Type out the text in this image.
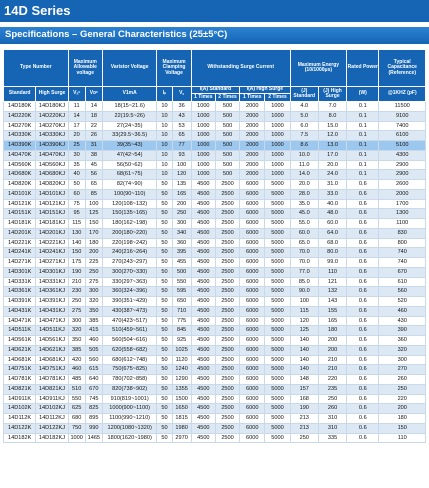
14D Series
Specifications – General Characteristics (25±5°C)
Type Number		Maximum Allowable voltage		Varistor Voltage	Maximum Clamping Voltage		Withstanding Surge Current				Maximum Energy (10/1000μs)		Rated Power	Typical Capacitance (Reference)
Standard	High Surge	Vₐᶜ	Vᴅᶜ	V1mA	Iₚ	V꜀	I(A) Standard		I(A) High Surge		(J) Standard	(J) High Surge	(W)	@1KHZ (pF)
							1 Times	2 Times	1 Times	2 Times				
14D180K	14D180KJ	11	14	18(15~21.6)	10	36	1000	500	2000	1000	4.0	7.0	0.1	11500
14D220K	14D220KJ	14	18	22(19.5~26)	10	43	1000	500	2000	1000	5.0	8.0	0.1	9100
14D270K	14D270KJ	17	22	27(24~35)	10	53	1000	500	2000	1000	6.0	15.0	0.1	7400
14D330K	14D330KJ	20	26	33(29.5~36.5)	10	65	1000	500	2000	1000	7.5	12.0	0.1	6100
14D390K	14D390KJ	25	31	39(35~43)	10	77	1000	500	2000	1000	8.6	13.0	0.1	5100
14D470K	14D470KJ	30	38	47(42~54)	10	93	1000	500	2000	1000	10.0	17.0	0.1	4300
14D560K	14D560KJ	35	45	56(50~62)	10	100	1000	500	2000	1000	11.0	20.0	0.1	2900
14D680K	14D680KJ	40	56	68(61~75)	10	120	1000	500	2000	1000	14.0	24.0	0.1	2900
14D820K	14D820KJ	50	65	82(74~90)	50	135	4500	2500	6000	5000	20.0	31.0	0.6	2600
14D101K	14D101KJ	60	85	100(90~110)	50	165	4500	2500	6000	5000	28.0	33.0	0.6	2000
14D121K	14D121KJ	75	100	120(108~132)	50	200	4500	2500	6000	5000	35.0	40.0	0.6	1700
14D151K	14D151KJ	95	125	150(135~165)	50	250	4500	2500	6000	5000	45.0	48.0	0.6	1300
14D181K	14D181KJ	115	150	180(162~198)	50	300	4500	2500	6000	5000	55.0	60.0	0.6	1100
14D201K	14D201KJ	130	170	200(180~220)	50	340	4500	2500	6000	5000	60.0	64.0	0.6	830
14D221K	14D221KJ	140	180	220(198~242)	50	360	4500	2500	6000	5000	65.0	68.0	0.6	800
14D241K	14D241KJ	150	200	240(216~264)	50	395	4500	2500	6000	5000	70.0	80.0	0.6	740
14D271K	14D271KJ	175	225	270(243~297)	50	455	4500	2500	6000	5000	70.0	99.0	0.6	740
14D301K	14D301KJ	190	250	300(270~330)	50	500	4500	2500	6000	5000	77.0	110	0.6	670
14D331K	14D331KJ	210	275	330(297~363)	50	550	4500	2500	6000	5000	85.0	121	0.6	610
14D361K	14D361KJ	230	300	360(324~396)	50	595	4500	2500	6000	5000	90.0	132	0.6	560
14D391K	14D391KJ	250	320	390(351~429)	50	650	4500	2500	6000	5000	100	143	0.6	520
14D431K	14D431KJ	275	350	430(387~473)	50	710	4500	2500	6000	5000	115	155	0.6	460
14D471K	14D471KJ	300	385	470(423~517)	50	775	4500	2500	6000	5000	120	165	0.6	430
14D511K	14D511KJ	320	415	510(459~561)	50	845	4500	2500	6000	5000	125	180	0.6	390
14D561K	14D561KJ	350	460	560(504~616)	50	925	4500	2500	6000	5000	140	200	0.6	360
14D621K	14D621KJ	385	505	620(558~682)	50	1025	4500	2500	6000	5000	140	200	0.6	320
14D681K	14D681KJ	420	560	680(612~748)	50	1120	4500	2500	6000	5000	140	210	0.6	300
14D751K	14D751KJ	460	615	750(675~825)	50	1240	4500	2500	6000	5000	140	210	0.6	270
14D781K	14D781KJ	485	640	780(702~858)	50	1290	4500	2500	6000	5000	148	220	0.6	260
14D821K	14D821KJ	510	670	820(738~902)	50	1355	4500	2500	6000	5000	157	235	0.6	250
14D911K	14D911KJ	550	745	910(819~1001)	50	1500	4500	2500	6000	5000	168	250	0.6	220
14D102K	14D102KJ	625	825	1000(900~1100)	50	1650	4500	2500	6000	5000	190	260	0.6	200
14D112K	14D112KJ	680	895	1100(990~1210)	50	1815	4500	2500	6000	5000	213	310	0.6	180
14D122K	14D122KJ	750	990	1200(1080~1320)	50	1980	4500	2500	6000	5000	213	310	0.6	150
14D182K	14D182KJ	1000	1465	1800(1620~1980)	50	2970	4500	2500	6000	5000	250	335	0.6	110
